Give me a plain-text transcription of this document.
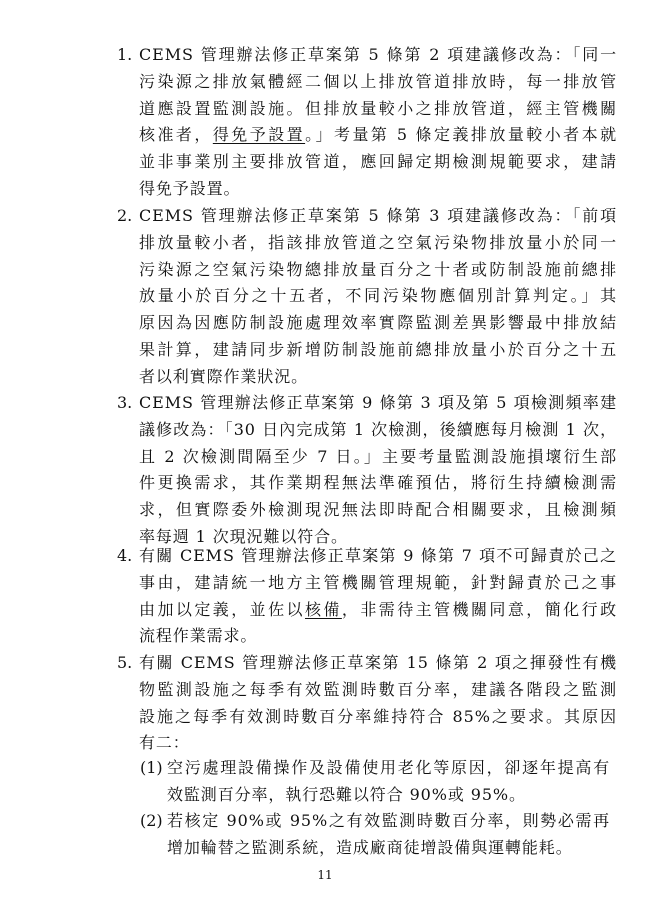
1. CEMS 管理辦法修正草案第 5 條第 2 項建議修改為：「同一
污染源之排放氣體經二個以上排放管道排放時，每一排放管
道應設置監測設施。但排放量較小之排放管道，經主管機關
核准者，得免予設置。」考量第 5 條定義排放量較小者本就
並非事業別主要排放管道，應回歸定期檢測規範要求，建請
得免予設置。
2. CEMS 管理辦法修正草案第 5 條第 3 項建議修改為：「前項
排放量較小者，指該排放管道之空氣污染物排放量小於同一
污染源之空氣污染物總排放量百分之十者或防制設施前總排
放量小於百分之十五者，不同污染物應個別計算判定。」其
原因為因應防制設施處理效率實際監測差異影響最中排放結
果計算，建請同步新增防制設施前總排放量小於百分之十五
者以利實際作業狀況。
3. CEMS 管理辦法修正草案第 9 條第 3 項及第 5 項檢測頻率建
議修改為：「30 日內完成第 1 次檢測，後續應每月檢測 1 次，
且 2 次檢測間隔至少 7 日。」主要考量監測設施損壞衍生部
件更換需求，其作業期程無法準確預估，將衍生持續檢測需
求，但實際委外檢測現況無法即時配合相關要求，且檢測頻
率每週 1 次現況難以符合。
4. 有關 CEMS 管理辦法修正草案第 9 條第 7 項不可歸責於己之
事由，建請統一地方主管機關管理規範，針對歸責於己之事
由加以定義，並佐以核備，非需待主管機關同意，簡化行政
流程作業需求。
5. 有關 CEMS 管理辦法修正草案第 15 條第 2 項之揮發性有機
物監測設施之每季有效監測時數百分率，建議各階段之監測
設施之每季有效測時數百分率維持符合 85%之要求。其原因
有二：
(1) 空污處理設備操作及設備使用老化等原因，卻逐年提高有
效監測百分率，執行恐難以符合 90%或 95%。
(2) 若核定 90%或 95%之有效監測時數百分率，則勢必需再
增加輪替之監測系統，造成廠商徒增設備與運轉能耗。
11
